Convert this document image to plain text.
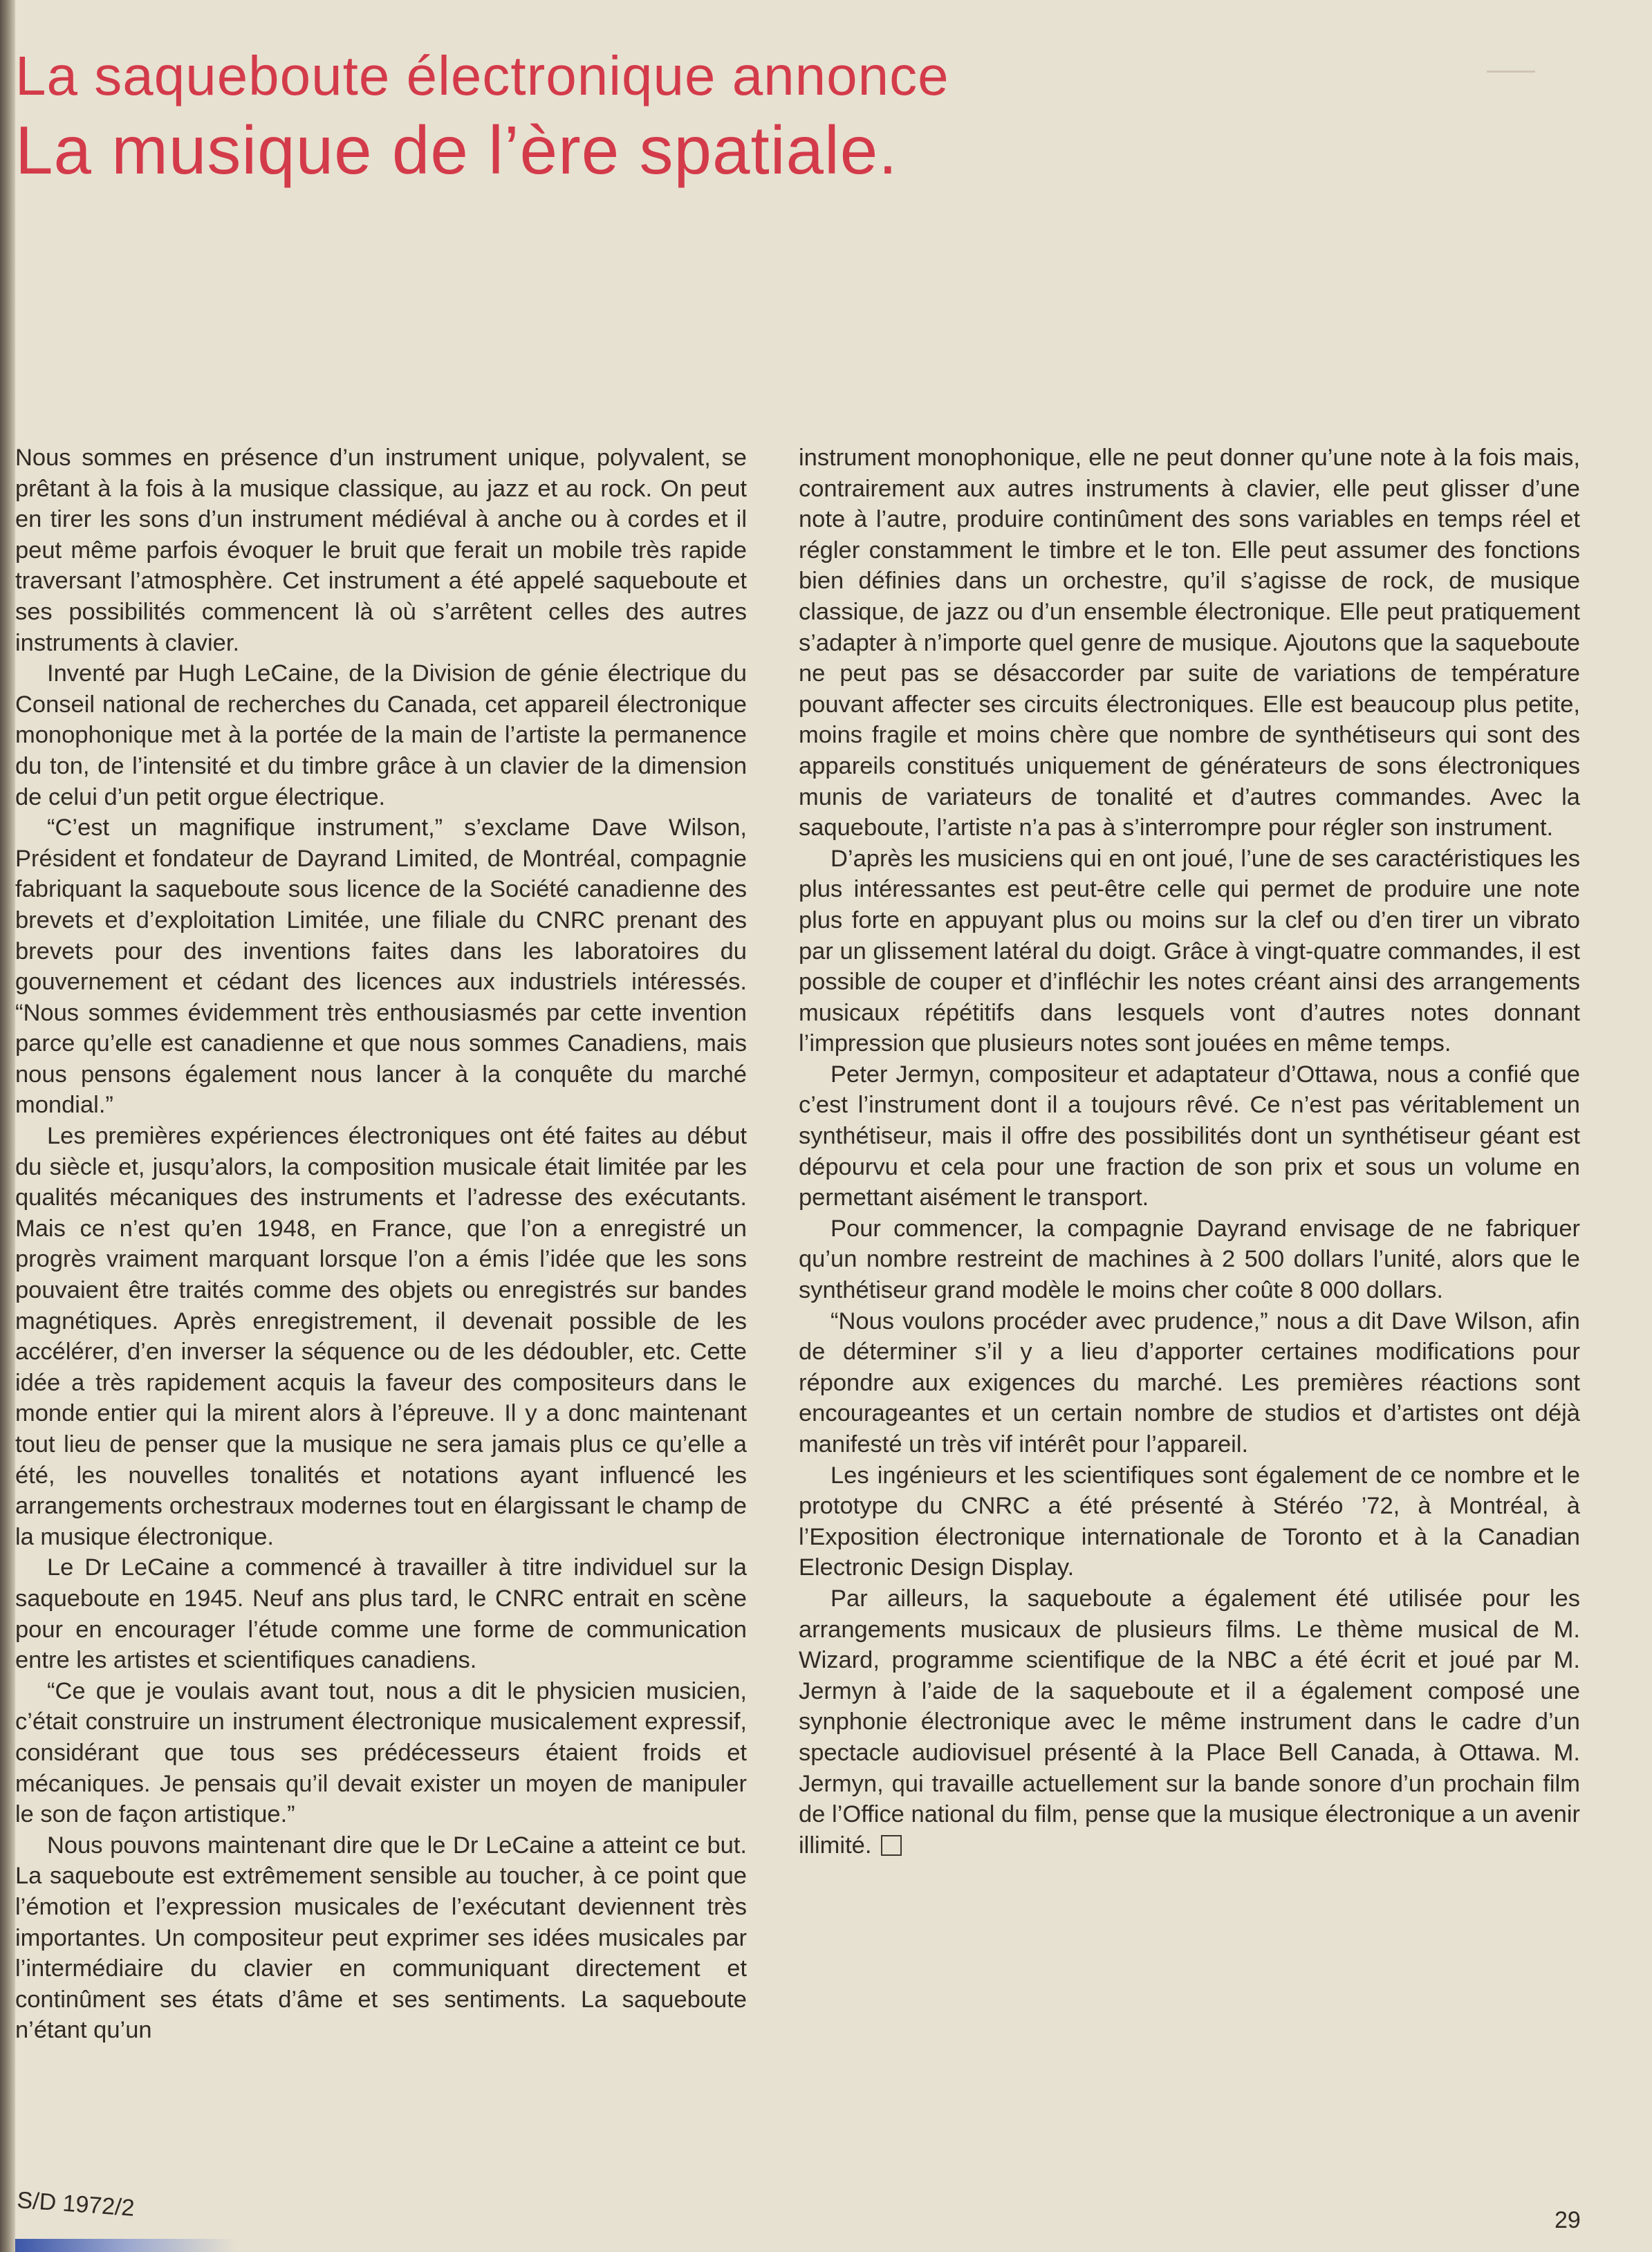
La saqueboute électronique annonce
La musique de l’ère spatiale.

Nous sommes en présence d’un instrument unique, polyvalent, se prêtant à la fois à la musique classique, au jazz et au rock. On peut en tirer les sons d’un instrument médiéval à anche ou à cordes et il peut même parfois évoquer le bruit que ferait un mobile très rapide traversant l’atmosphère. Cet instrument a été appelé saqueboute et ses possibilités commencent là où s’arrêtent celles des autres instruments à clavier.

Inventé par Hugh LeCaine, de la Division de génie électrique du Conseil national de recherches du Canada, cet appareil électronique monophonique met à la portée de la main de l’artiste la permanence du ton, de l’intensité et du timbre grâce à un clavier de la dimension de celui d’un petit orgue électrique.

“C’est un magnifique instrument,” s’exclame Dave Wilson, Président et fondateur de Dayrand Limited, de Montréal, compagnie fabriquant la saqueboute sous licence de la Société canadienne des brevets et d’exploitation Limitée, une filiale du CNRC prenant des brevets pour des inventions faites dans les laboratoires du gouvernement et cédant des licences aux industriels intéressés. “Nous sommes évidemment très enthousiasmés par cette invention parce qu’elle est canadienne et que nous sommes Canadiens, mais nous pensons également nous lancer à la conquête du marché mondial.”

Les premières expériences électroniques ont été faites au début du siècle et, jusqu’alors, la composition musicale était limitée par les qualités mécaniques des instruments et l’adresse des exécutants. Mais ce n’est qu’en 1948, en France, que l’on a enregistré un progrès vraiment marquant lorsque l’on a émis l’idée que les sons pouvaient être traités comme des objets ou enregistrés sur bandes magnétiques. Après enregistrement, il devenait possible de les accélérer, d’en inverser la séquence ou de les dédoubler, etc. Cette idée a très rapidement acquis la faveur des compositeurs dans le monde entier qui la mirent alors à l’épreuve. Il y a donc maintenant tout lieu de penser que la musique ne sera jamais plus ce qu’elle a été, les nouvelles tonalités et notations ayant influencé les arrangements orchestraux modernes tout en élargissant le champ de la musique électronique.

Le Dr LeCaine a commencé à travailler à titre individuel sur la saqueboute en 1945. Neuf ans plus tard, le CNRC entrait en scène pour en encourager l’étude comme une forme de communication entre les artistes et scientifiques canadiens.

“Ce que je voulais avant tout, nous a dit le physicien musicien, c’était construire un instrument électronique musicalement expressif, considérant que tous ses prédécesseurs étaient froids et mécaniques. Je pensais qu’il devait exister un moyen de manipuler le son de façon artistique.”

Nous pouvons maintenant dire que le Dr LeCaine a atteint ce but. La saqueboute est extrêmement sensible au toucher, à ce point que l’émotion et l’expression musicales de l’exécutant deviennent très importantes. Un compositeur peut exprimer ses idées musicales par l’intermédiaire du clavier en communiquant directement et continûment ses états d’âme et ses sentiments. La saqueboute n’étant qu’un

instrument monophonique, elle ne peut donner qu’une note à la fois mais, contrairement aux autres instruments à clavier, elle peut glisser d’une note à l’autre, produire continûment des sons variables en temps réel et régler constamment le timbre et le ton. Elle peut assumer des fonctions bien définies dans un orchestre, qu’il s’agisse de rock, de musique classique, de jazz ou d’un ensemble électronique. Elle peut pratiquement s’adapter à n’importe quel genre de musique. Ajoutons que la saqueboute ne peut pas se désaccorder par suite de variations de température pouvant affecter ses circuits électroniques. Elle est beaucoup plus petite, moins fragile et moins chère que nombre de synthétiseurs qui sont des appareils constitués uniquement de générateurs de sons électroniques munis de variateurs de tonalité et d’autres commandes. Avec la saqueboute, l’artiste n’a pas à s’interrompre pour régler son instrument.

D’après les musiciens qui en ont joué, l’une de ses caractéristiques les plus intéressantes est peut-être celle qui permet de produire une note plus forte en appuyant plus ou moins sur la clef ou d’en tirer un vibrato par un glissement latéral du doigt. Grâce à vingt-quatre commandes, il est possible de couper et d’infléchir les notes créant ainsi des arrangements musicaux répétitifs dans lesquels vont d’autres notes donnant l’impression que plusieurs notes sont jouées en même temps.

Peter Jermyn, compositeur et adaptateur d’Ottawa, nous a confié que c’est l’instrument dont il a toujours rêvé. Ce n’est pas véritablement un synthétiseur, mais il offre des possibilités dont un synthétiseur géant est dépourvu et cela pour une fraction de son prix et sous un volume en permettant aisément le transport.

Pour commencer, la compagnie Dayrand envisage de ne fabriquer qu’un nombre restreint de machines à 2 500 dollars l’unité, alors que le synthétiseur grand modèle le moins cher coûte 8 000 dollars.

“Nous voulons procéder avec prudence,” nous a dit Dave Wilson, afin de déterminer s’il y a lieu d’apporter certaines modifications pour répondre aux exigences du marché. Les premières réactions sont encourageantes et un certain nombre de studios et d’artistes ont déjà manifesté un très vif intérêt pour l’appareil.

Les ingénieurs et les scientifiques sont également de ce nombre et le prototype du CNRC a été présenté à Stéréo ’72, à Montréal, à l’Exposition électronique internationale de Toronto et à la Canadian Electronic Design Display.

Par ailleurs, la saqueboute a également été utilisée pour les arrangements musicaux de plusieurs films. Le thème musical de M. Wizard, programme scientifique de la NBC a été écrit et joué par M. Jermyn à l’aide de la saqueboute et il a également composé une synphonie électronique avec le même instrument dans le cadre d’un spectacle audiovisuel présenté à la Place Bell Canada, à Ottawa. M. Jermyn, qui travaille actuellement sur la bande sonore d’un prochain film de l’Office national du film, pense que la musique électronique a un avenir illimité.

S/D 1972/2	29
